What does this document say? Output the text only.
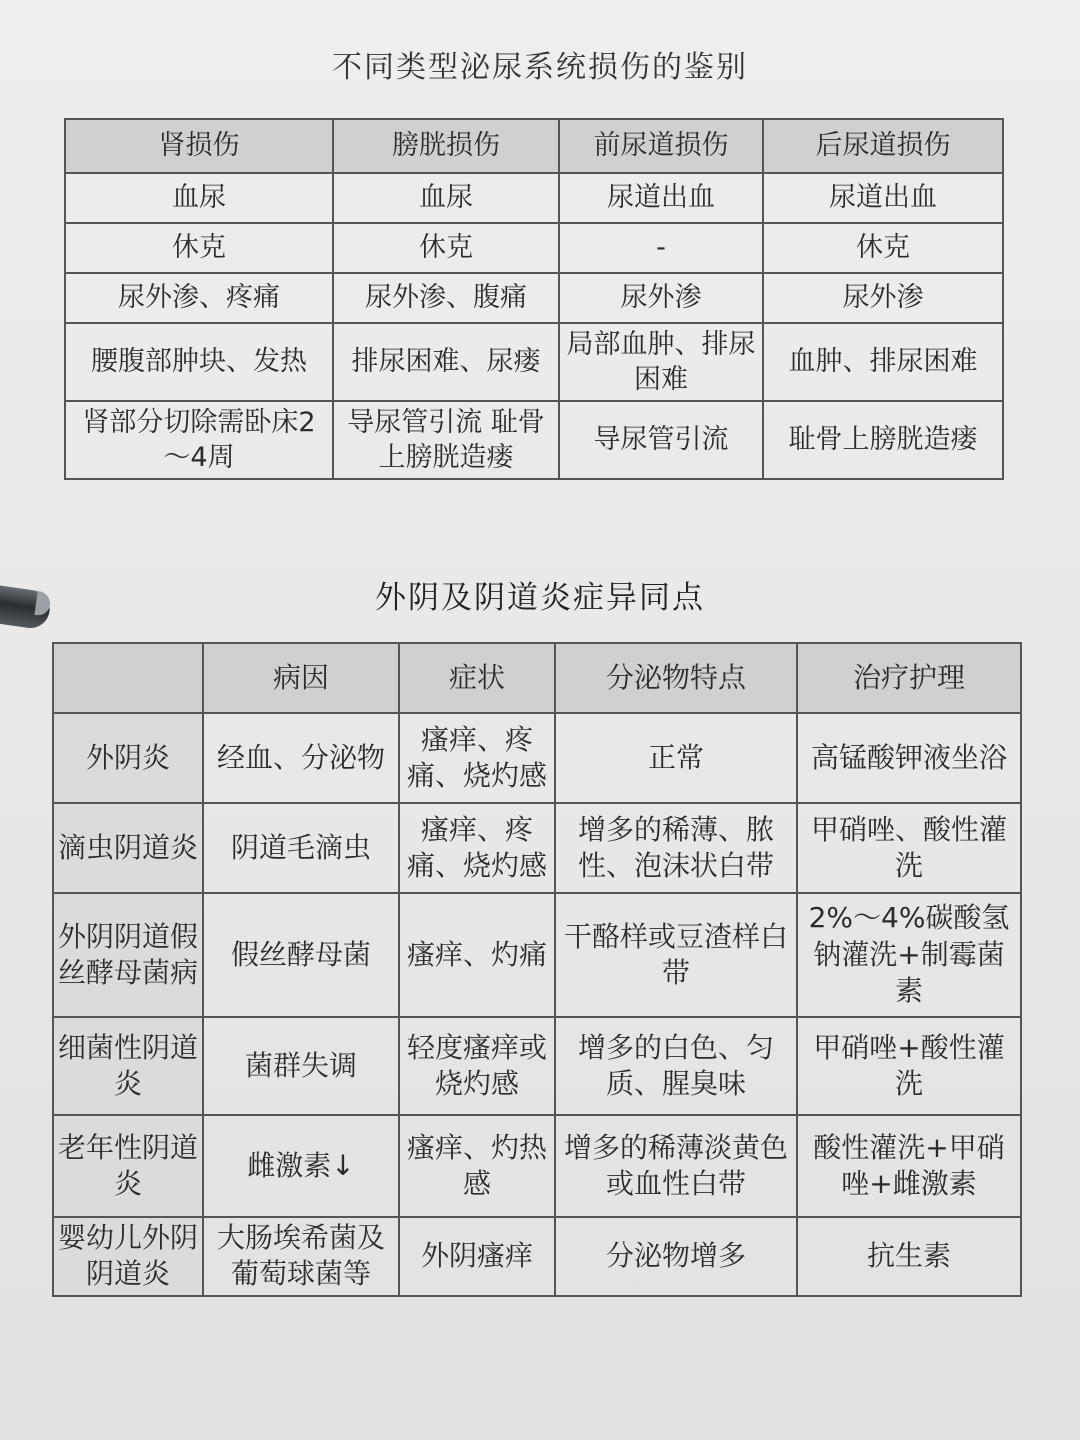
不同类型泌尿系统损伤的鉴别
肾损伤	膀胱损伤	前尿道损伤	后尿道损伤
血尿	血尿	尿道出血	尿道出血
休克	休克	-	休克
尿外渗、疼痛	尿外渗、腹痛	尿外渗	尿外渗
腰腹部肿块、发热	排尿困难、尿瘘	局部血肿、排尿困难	血肿、排尿困难
肾部分切除需卧床2～4周	导尿管引流 耻骨上膀胱造瘘	导尿管引流	耻骨上膀胱造瘘
外阴及阴道炎症异同点
	病因	症状	分泌物特点	治疗护理
外阴炎	经血、分泌物	瘙痒、疼痛、烧灼感	正常	高锰酸钾液坐浴
滴虫阴道炎	阴道毛滴虫	瘙痒、疼痛、烧灼感	增多的稀薄、脓性、泡沫状白带	甲硝唑、酸性灌洗
外阴阴道假丝酵母菌病	假丝酵母菌	瘙痒、灼痛	干酪样或豆渣样白带	2%～4%碳酸氢钠灌洗+制霉菌素
细菌性阴道炎	菌群失调	轻度瘙痒或烧灼感	增多的白色、匀质、腥臭味	甲硝唑+酸性灌洗
老年性阴道炎	雌激素↓	瘙痒、灼热感	增多的稀薄淡黄色或血性白带	酸性灌洗+甲硝唑+雌激素
婴幼儿外阴阴道炎	大肠埃希菌及葡萄球菌等	外阴瘙痒	分泌物增多	抗生素
